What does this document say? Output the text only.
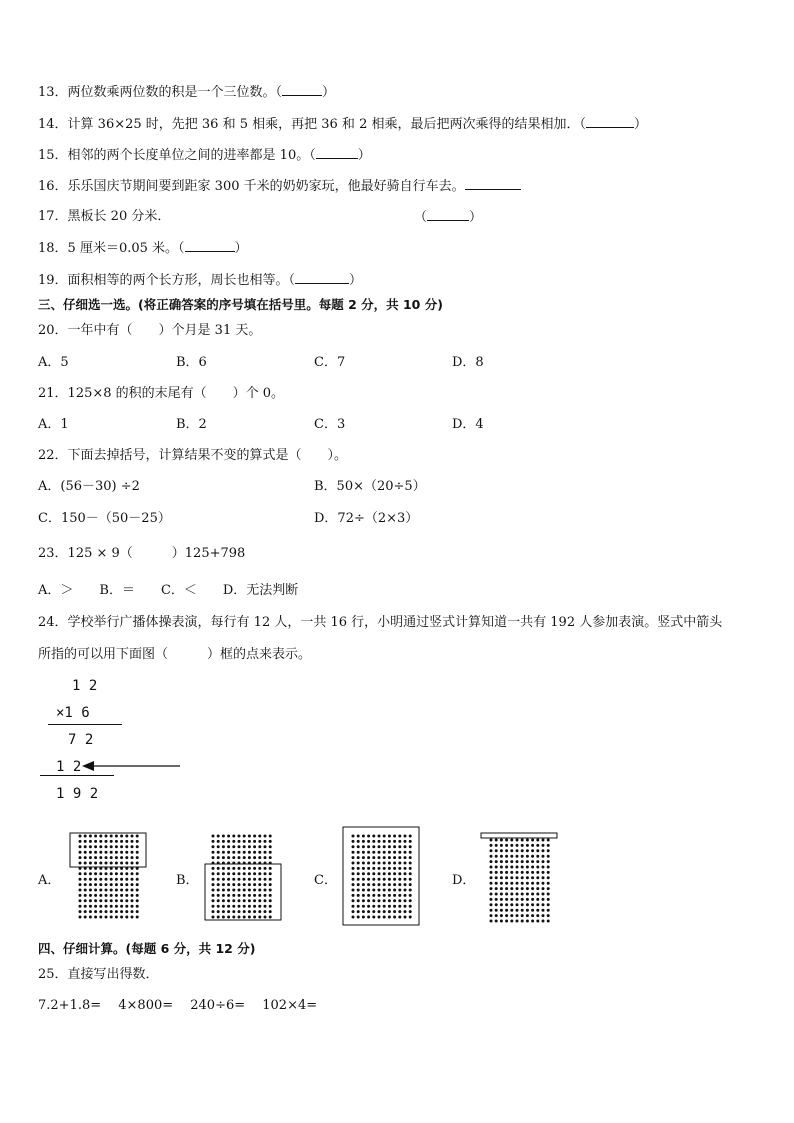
13．两位数乘两位数的积是一个三位数。（	）
14．计算 36×25 时，先把 36 和 5 相乘，再把 36 和 2 相乘，最后把两次乘得的结果相加．（	）
15．相邻的两个长度单位之间的进率都是 10。（	）
16．乐乐国庆节期间要到距家 300 千米的奶奶家玩，他最好骑自行车去。
17．黑板长 20 分米．	（	）
18．5 厘米＝0.05 米。（	）
19．面积相等的两个长方形，周长也相等。（	）
三、仔细选一选。(将正确答案的序号填在括号里。每题 2 分，共 10 分)
20．一年中有（　　）个月是 31 天。
A．5	B．6	C．7	D．8
21．125×8 的积的末尾有（　　）个 0。
A．1	B．2	C．3	D．4
22．下面去掉括号，计算结果不变的算式是（　　）。
A．(56－30) ÷2	B．50×（20÷5）
C．150－（50－25）	D．72÷（2×3）
23．125 × 9（　　　）125+798
A．＞　　B．＝　　C．＜　　D．无法判断
24．学校举行广播体操表演，每行有 12 人，一共 16 行，小明通过竖式计算知道一共有 192 人参加表演。竖式中箭头
所指的可以用下面图（　　　）框的点来表示。
1 2
×1 6
7 2
1 2
1 9 2
A．	B．	C．	D．
四、仔细计算。(每题 6 分，共 12 分)
25．直接写出得数．
7.2+1.8=　 4×800=　 240÷6=　 102×4=
